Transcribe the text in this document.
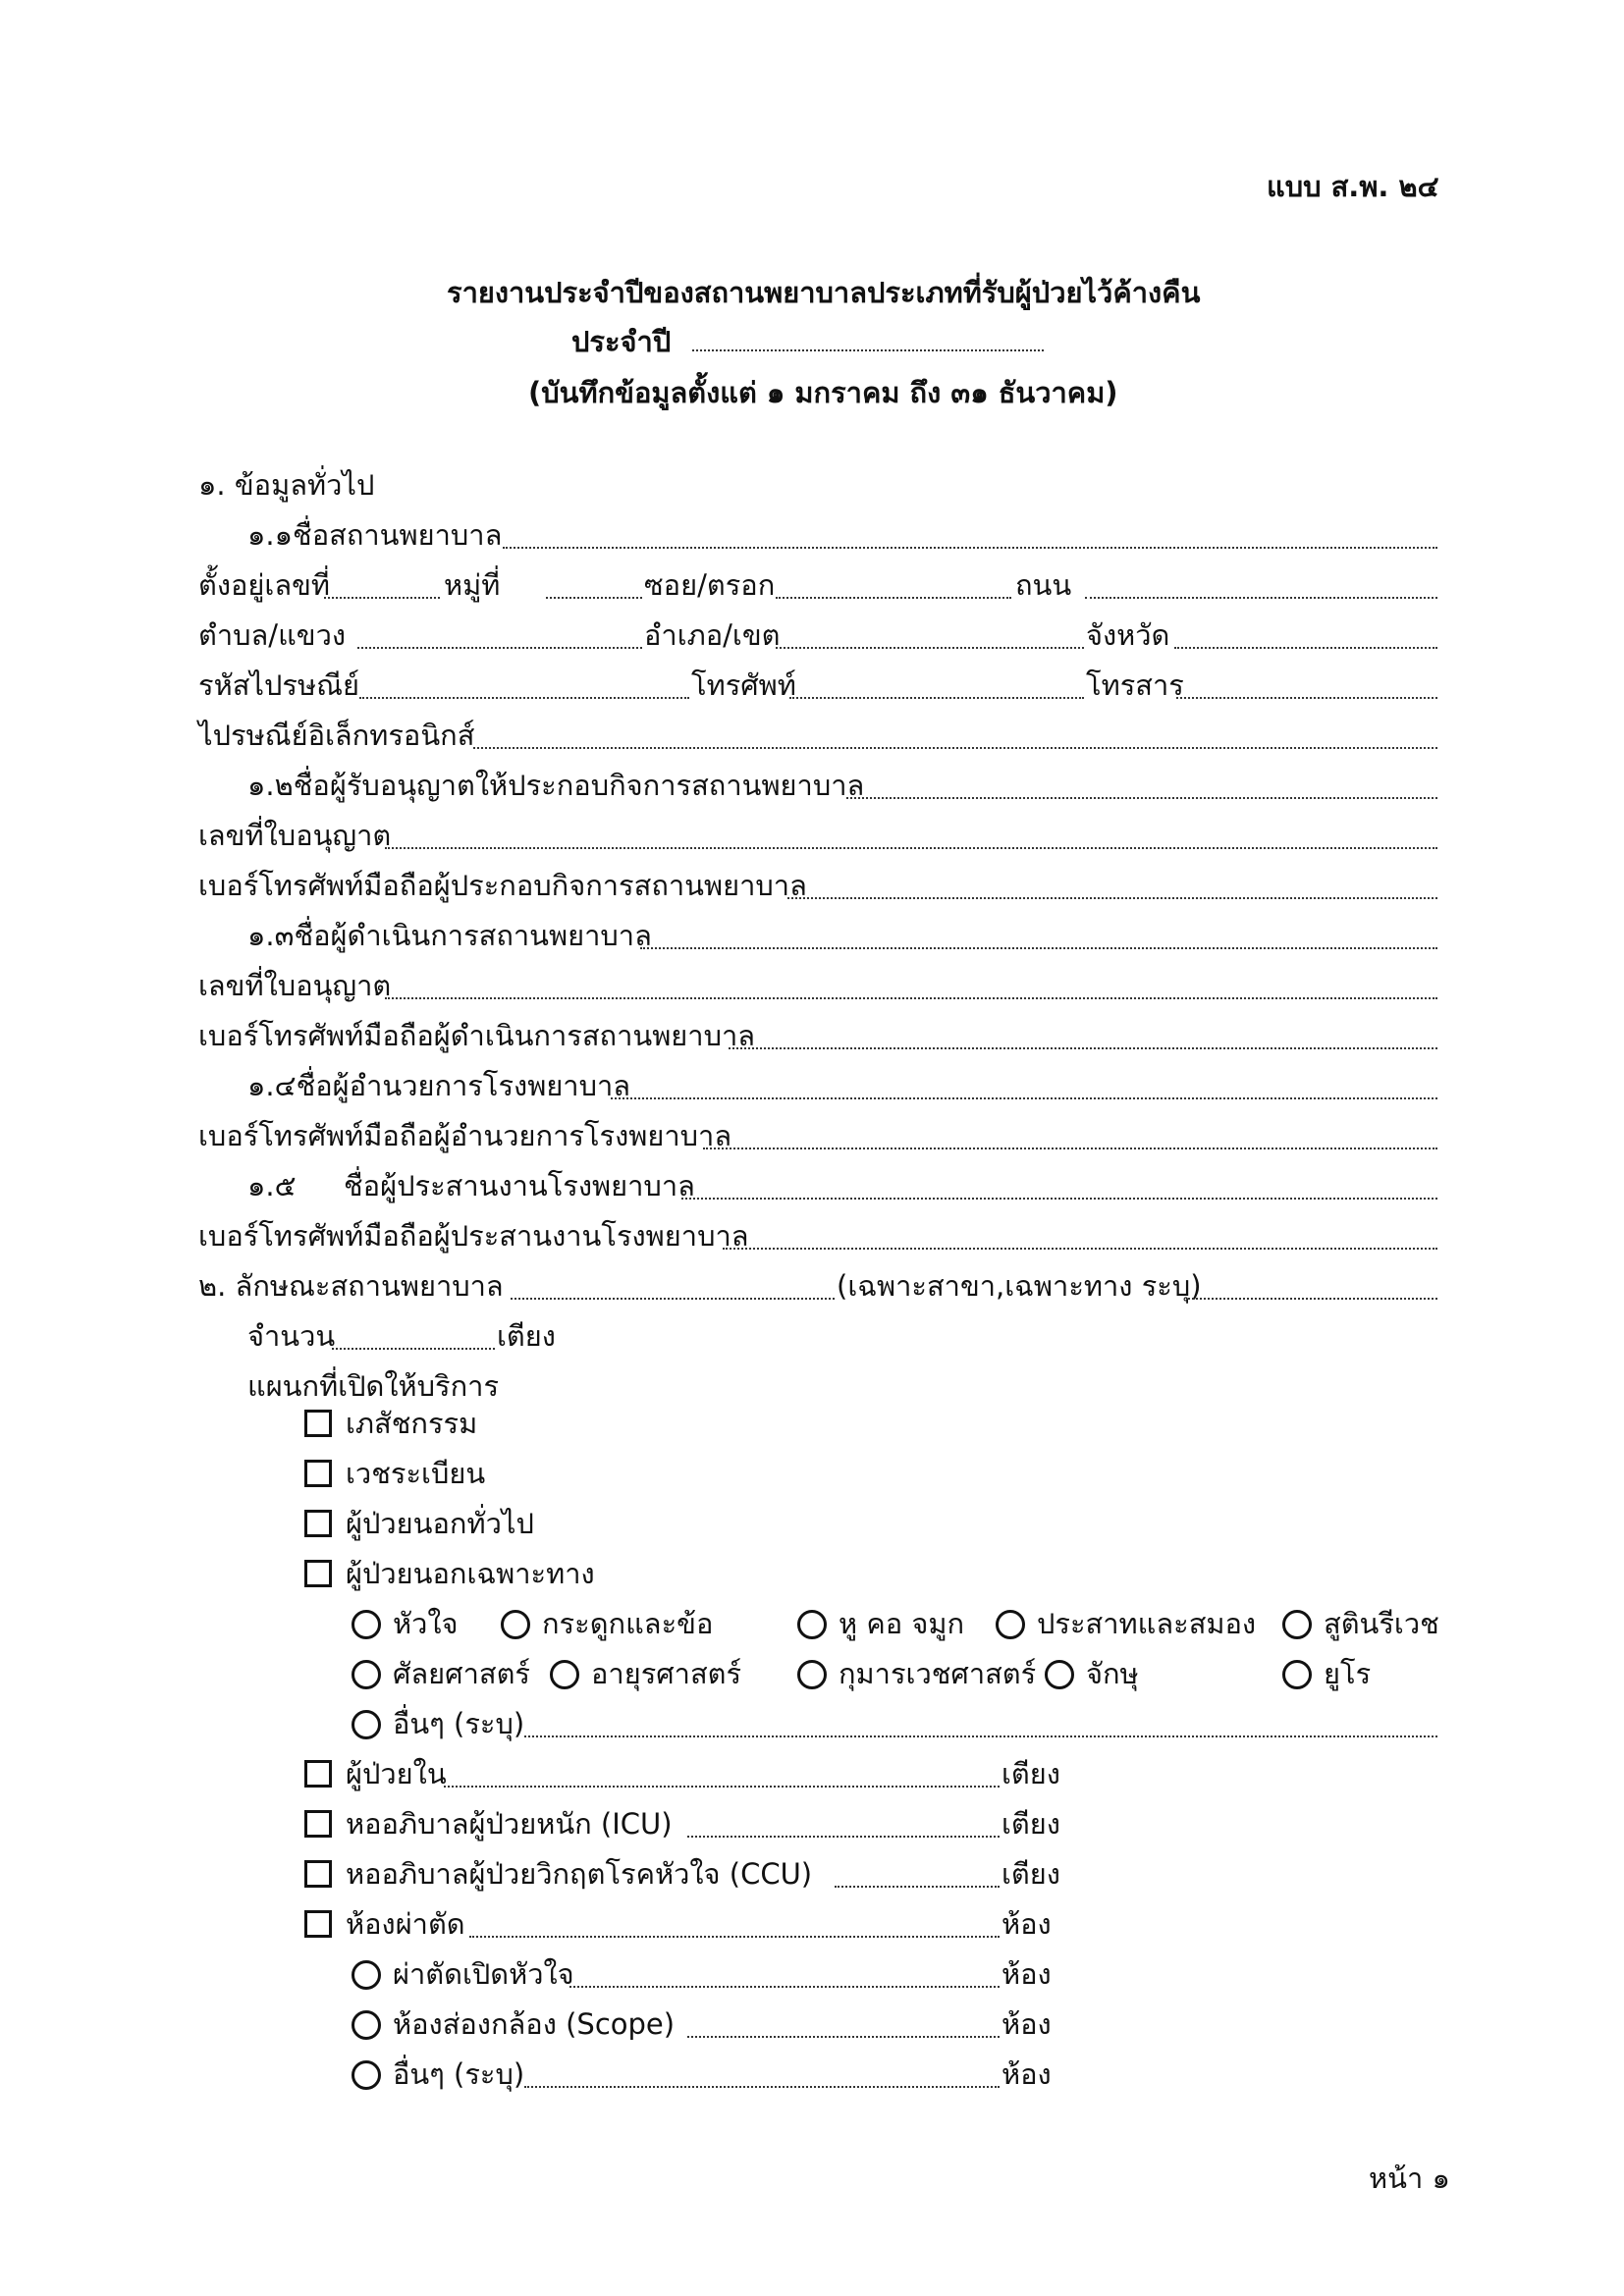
แบบ ส.พ. ๒๔
รายงานประจำปีของสถานพยาบาลประเภทที่รับผู้ป่วยไว้ค้างคืน
ประจำปี
(บันทึกข้อมูลตั้งแต่ ๑ มกราคม ถึง ๓๑ ธันวาคม)
๑. ข้อมูลทั่วไป
๑.๑ชื่อสถานพยาบาล
ตั้งอยู่เลขที่	หมู่ที่	ซอย/ตรอก	ถนน
ตำบล/แขวง	อำเภอ/เขต	จังหวัด
รหัสไปรษณีย์	โทรศัพท์	โทรสาร
ไปรษณีย์อิเล็กทรอนิกส์
๑.๒ชื่อผู้รับอนุญาตให้ประกอบกิจการสถานพยาบาล
เลขที่ใบอนุญาต
เบอร์โทรศัพท์มือถือผู้ประกอบกิจการสถานพยาบาล
๑.๓ชื่อผู้ดำเนินการสถานพยาบาล
เลขที่ใบอนุญาต
เบอร์โทรศัพท์มือถือผู้ดำเนินการสถานพยาบาล
๑.๔ชื่อผู้อำนวยการโรงพยาบาล
เบอร์โทรศัพท์มือถือผู้อำนวยการโรงพยาบาล
๑.๕ ชื่อผู้ประสานงานโรงพยาบาล
เบอร์โทรศัพท์มือถือผู้ประสานงานโรงพยาบาล
๒. ลักษณะสถานพยาบาล	(เฉพาะสาขา,เฉพาะทาง ระบุ)
จำนวน	เตียง
แผนกที่เปิดให้บริการ
เภสัชกรรม
เวชระเบียน
ผู้ป่วยนอกทั่วไป
ผู้ป่วยนอกเฉพาะทาง
หัวใจ	กระดูกและข้อ	หู คอ จมูก	ประสาทและสมอง สูตินรีเวช
ศัลยศาสตร์ อายุรศาสตร์	กุมารเวชศาสตร์ จักษุ	ยูโร
อื่นๆ (ระบุ)
ผู้ป่วยใน	เตียง
หออภิบาลผู้ป่วยหนัก (ICU)	เตียง
หออภิบาลผู้ป่วยวิกฤตโรคหัวใจ (CCU)	เตียง
ห้องผ่าตัด	ห้อง
ผ่าตัดเปิดหัวใจ	ห้อง
ห้องส่องกล้อง (Scope)	ห้อง
อื่นๆ (ระบุ)	ห้อง
หน้า ๑
